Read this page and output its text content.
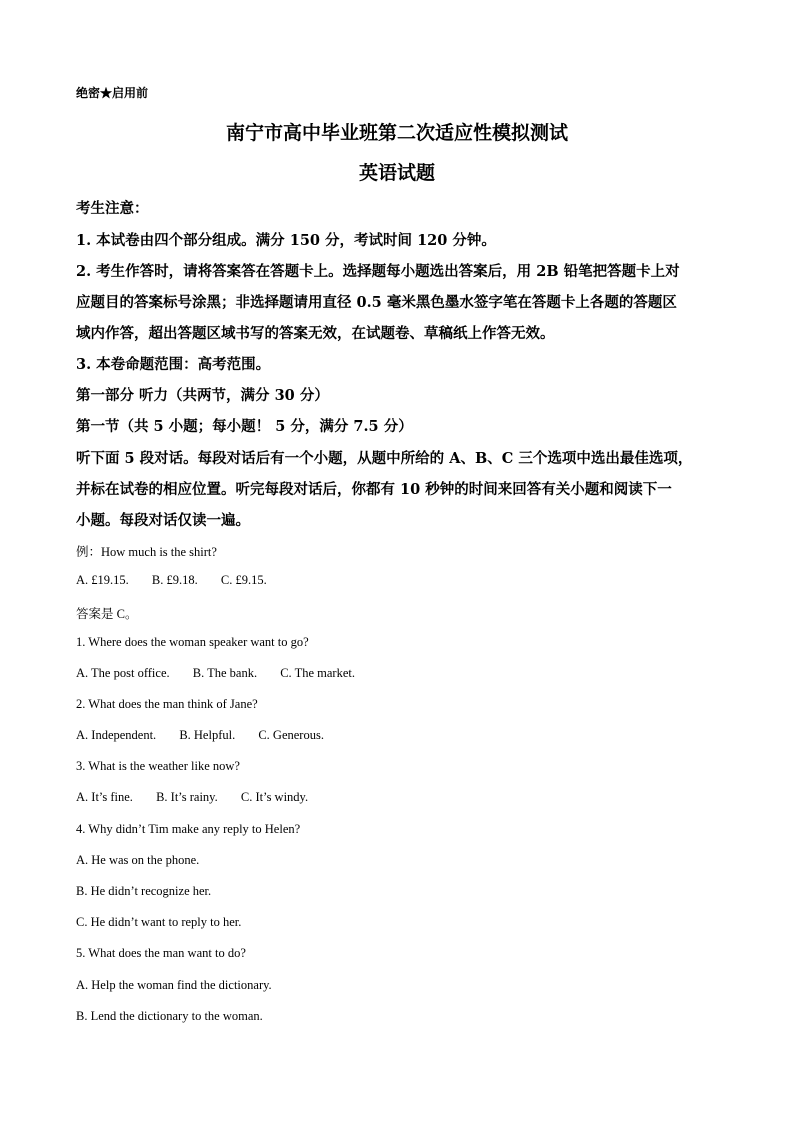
绝密★启用前
南宁市高中毕业班第二次适应性模拟测试
英语试题
考生注意：
1. 本试卷由四个部分组成。满分 150 分，考试时间 120 分钟。
2. 考生作答时，请将答案答在答题卡上。选择题每小题选出答案后，用 2B 铅笔把答题卡上对
应题目的答案标号涂黑；非选择题请用直径 0.5 毫米黑色墨水签字笔在答题卡上各题的答题区
域内作答，超出答题区域书写的答案无效，在试题卷、草稿纸上作答无效。
3. 本卷命题范围：高考范围。
第一部分 听力（共两节，满分 30 分）
第一节（共 5 小题；每小题！ 5 分，满分 7.5 分）
听下面 5 段对话。每段对话后有一个小题，从题中所给的 A、B、C 三个选项中选出最佳选项，
并标在试卷的相应位置。听完每段对话后，你都有 10 秒钟的时间来回答有关小题和阅读下一
小题。每段对话仅读一遍。
例：How much is the shirt?
A. £19.15. B. £9.18. C. £9.15.
答案是 C。
1. Where does the woman speaker want to go?
A. The post office. B. The bank. C. The market.
2. What does the man think of Jane?
A. Independent. B. Helpful. C. Generous.
3. What is the weather like now?
A. It’s fine. B. It’s rainy. C. It’s windy.
4. Why didn’t Tim make any reply to Helen?
A. He was on the phone.
B. He didn’t recognize her.
C. He didn’t want to reply to her.
5. What does the man want to do?
A. Help the woman find the dictionary.
B. Lend the dictionary to the woman.
